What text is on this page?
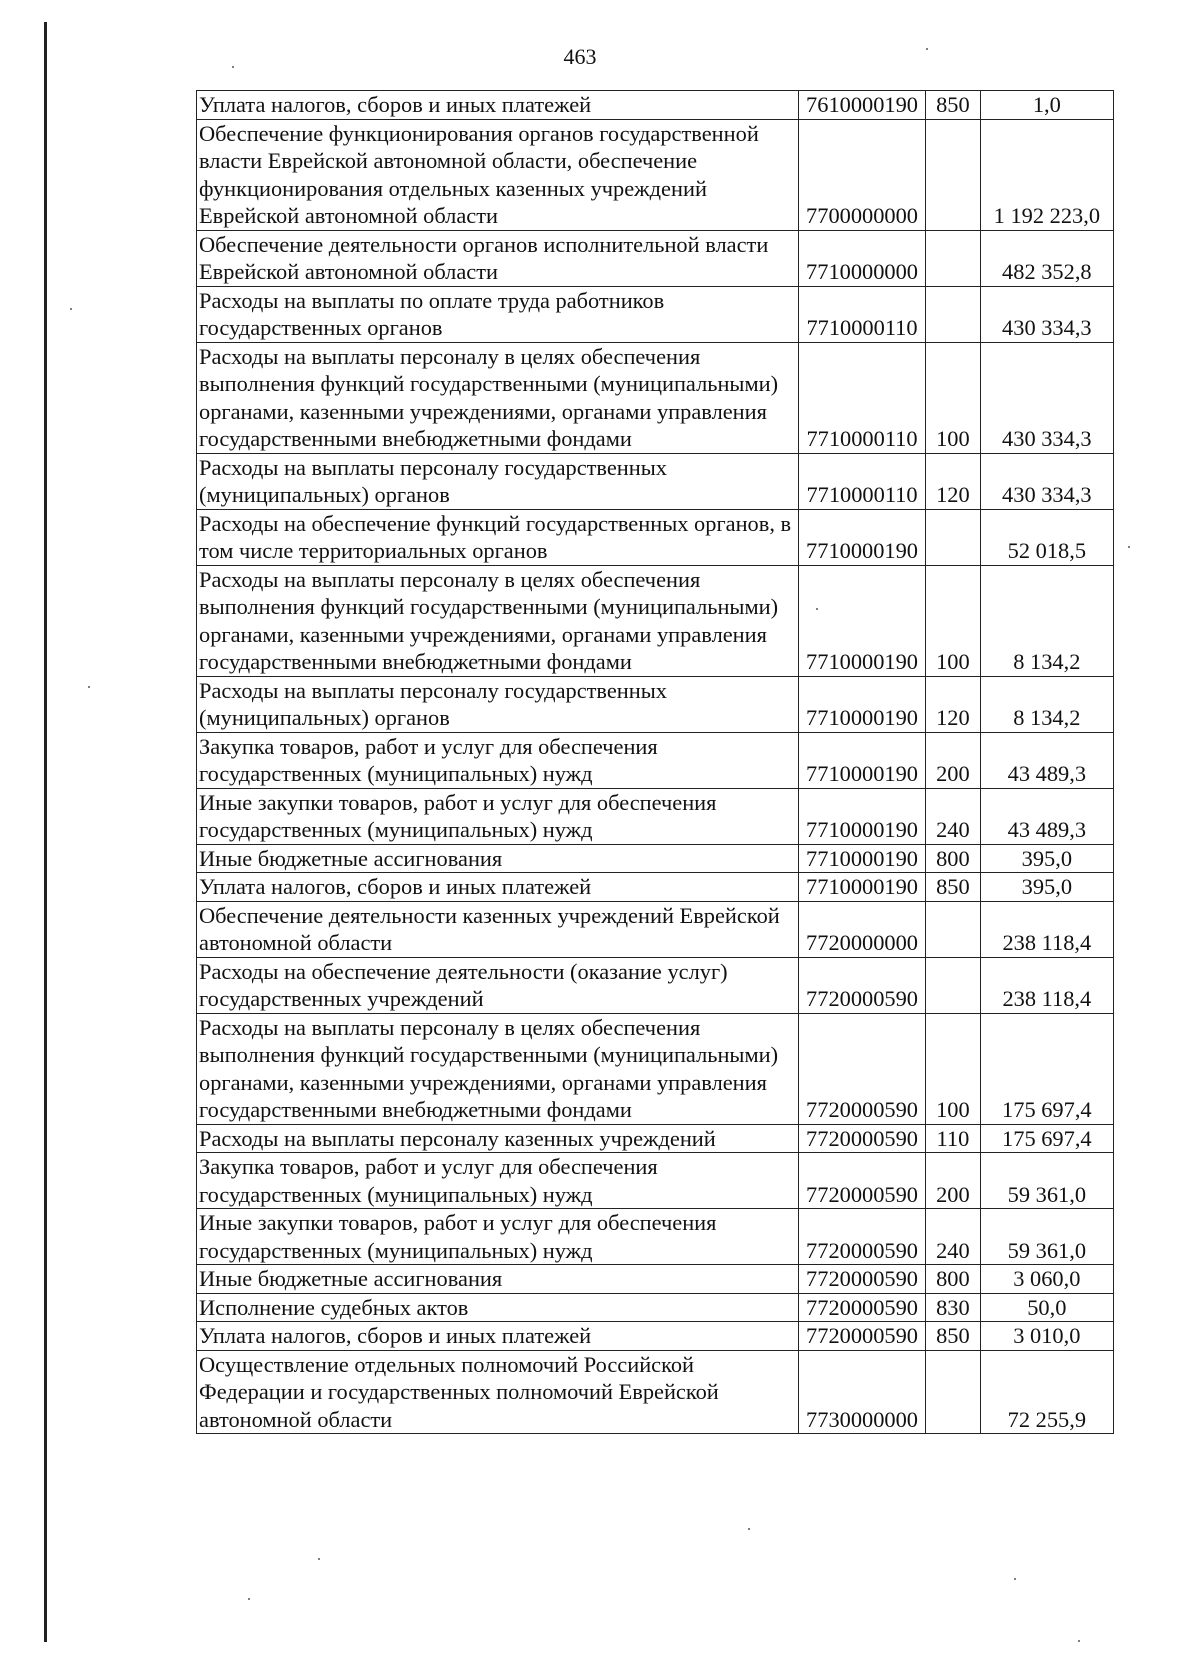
463
Уплата налогов, сборов и иных платежей	7610000190	850	1,0
Обеспечение функционирования органов государственной власти Еврейской автономной области, обеспечение функционирования отдельных казенных учреждений Еврейской автономной области	7700000000		1 192 223,0
Обеспечение деятельности органов исполнительной власти Еврейской автономной области	7710000000		482 352,8
Расходы на выплаты по оплате труда работников государственных органов	7710000110		430 334,3
Расходы на выплаты персоналу в целях обеспечения выполнения функций государственными (муниципальными) органами, казенными учреждениями, органами управления государственными внебюджетными фондами	7710000110	100	430 334,3
Расходы на выплаты персоналу государственных (муниципальных) органов	7710000110	120	430 334,3
Расходы на обеспечение функций государственных органов, в том числе территориальных органов	7710000190		52 018,5
Расходы на выплаты персоналу в целях обеспечения выполнения функций государственными (муниципальными) органами, казенными учреждениями, органами управления государственными внебюджетными фондами	7710000190	100	8 134,2
Расходы на выплаты персоналу государственных (муниципальных) органов	7710000190	120	8 134,2
Закупка товаров, работ и услуг для обеспечения государственных (муниципальных) нужд	7710000190	200	43 489,3
Иные закупки товаров, работ и услуг для обеспечения государственных (муниципальных) нужд	7710000190	240	43 489,3
Иные бюджетные ассигнования	7710000190	800	395,0
Уплата налогов, сборов и иных платежей	7710000190	850	395,0
Обеспечение деятельности казенных учреждений Еврейской автономной области	7720000000		238 118,4
Расходы на обеспечение деятельности (оказание услуг) государственных учреждений	7720000590		238 118,4
Расходы на выплаты персоналу в целях обеспечения выполнения функций государственными (муниципальными) органами, казенными учреждениями, органами управления государственными внебюджетными фондами	7720000590	100	175 697,4
Расходы на выплаты персоналу казенных учреждений	7720000590	110	175 697,4
Закупка товаров, работ и услуг для обеспечения государственных (муниципальных) нужд	7720000590	200	59 361,0
Иные закупки товаров, работ и услуг для обеспечения государственных (муниципальных) нужд	7720000590	240	59 361,0
Иные бюджетные ассигнования	7720000590	800	3 060,0
Исполнение судебных актов	7720000590	830	50,0
Уплата налогов, сборов и иных платежей	7720000590	850	3 010,0
Осуществление отдельных полномочий Российской Федерации и государственных полномочий Еврейской автономной области	7730000000		72 255,9
